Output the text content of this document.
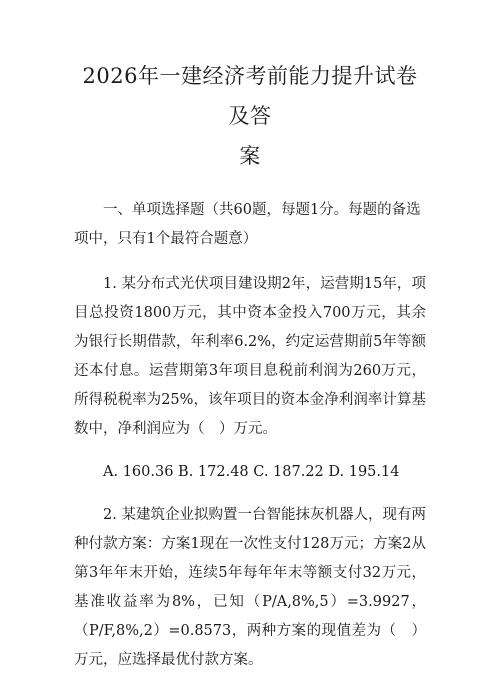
2026年一建经济考前能力提升试卷及答
案

一、单项选择题（共60题，每题1分。每题的备选项中，只有1个最符合题意）

1. 某分布式光伏项目建设期2年，运营期15年，项目总投资1800万元，其中资本金投入700万元，其余为银行长期借款，年利率6.2%，约定运营期前5年等额还本付息。运营期第3年项目息税前利润为260万元，所得税税率为25%，该年项目的资本金净利润率计算基数中，净利润应为（　）万元。

A. 160.36 B. 172.48 C. 187.22 D. 195.14

2. 某建筑企业拟购置一台智能抹灰机器人，现有两种付款方案：方案1现在一次性支付128万元；方案2从第3年年末开始，连续5年每年年末等额支付32万元，基准收益率为8%，已知（P/A,8%,5）=3.9927，（P/F,8%,2）=0.8573，两种方案的现值差为（　）万元，应选择最优付款方案。
